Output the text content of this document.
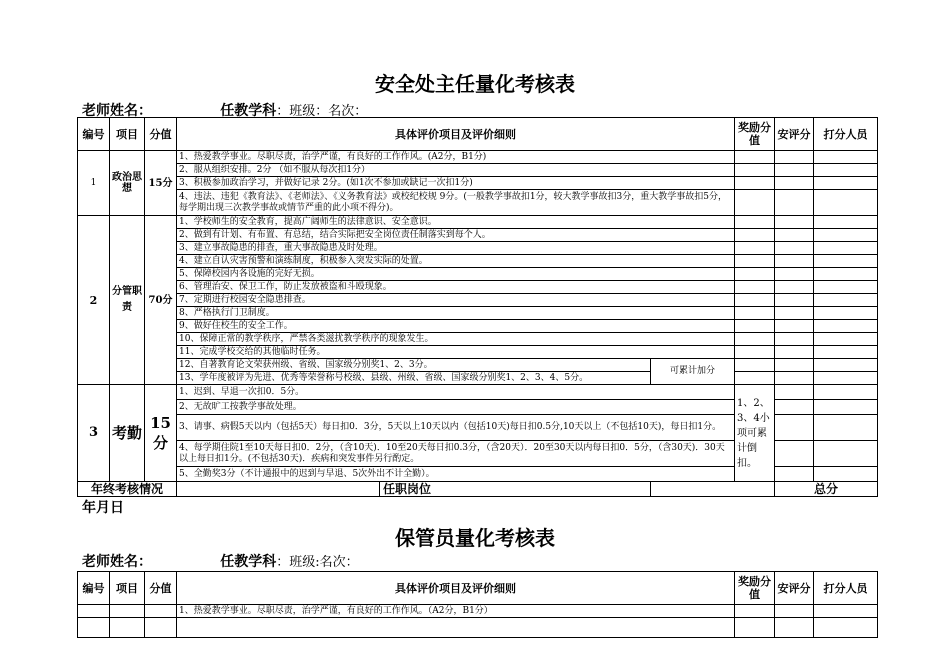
安全处主任量化考核表
老师姓名：	任教学科：班级：名次：
编号	项目	分值	具体评价项目及评价细则		奖励分值	安评分	打分人员
1	政治思想	15分	1、热爱教学事业。尽职尽责，治学严谨，有良好的工作作风。(A2分，B1分)				
			2、服从组织安排。2分 （如不服从每次扣1分）				
			3、积极参加政治学习，并做好记录 2分。(如1次不参加或缺记一次扣1分)				
			4、违法、违犯《教育法》、《老师法》、《义务教育法》或校纪校规 9分。(一般教学事故扣1分，较大教学事故扣3分，重大教学事故扣5分，每学期出现三次教学事故或情节严重的此小项不得分)。				
2	分管职责	70分	1、学校师生的安全教育，提高广阔师生的法律意识、安全意识。				
			2、做到有计划、有布置、有总结，结合实际把安全岗位责任制落实到每个人。				
			3、建立事故隐患的排查，重大事故隐患及时处理。				
			4、建立自认灾害预警和演练制度，积极参入突发实际的处置。				
			5、保障校园内各设施的完好无损。				
			6、管理治安、保卫工作，防止发放被盗和斗殴现象。				
			7、定期进行校园安全隐患排查。				
			8、严格执行门卫制度。				
			9、做好住校生的安全工作。				
			10、保障正常的教学秩序，严禁各类滋扰教学秩序的现象发生。				
			11、完成学校交给的其他临时任务。				
			12、自著教育论文荣获州级、省级、国家级分别奖1、2、3分。	可累计加分			
			13、学年度被评为先进、优秀等荣誉称号校级、县级、州级、省级、国家级分别奖1、2、3、4、5分。				
3	考勤	15分	1、迟到、早退一次扣0．5分。		1、2、3、4小项可累计倒扣。		
			2、无故旷工按教学事故处理。				
			3、请事、病假5天以内（包括5天）每日扣0．3分，5天以上10天以内（包括10天)每日扣0.5分,10天以上（不包括10天)，每日扣1分。				
			4、每学期住院1至10天每日扣0．2分，（含10天)．10至20天每日扣0.3分，（含20天）．20至30天以内每日扣0．5分，（含30天)．30天以上每日扣1分。(不包括30天)．疾病和突发事件另行酌定。				
			5、全勤奖3分（不计通报中的迟到与早退、5次外出不计全勤）。				
年终考核情况			任职岗位			总分	
年月日
保管员量化考核表
老师姓名：	任教学科：班级:名次：
编号	项目	分值	具体评价项目及评价细则	奖励分值	安评分	打分人员
			1、热爱教学事业。尽职尽责，治学严谨，有良好的工作作风。（A2分，B1分）			
